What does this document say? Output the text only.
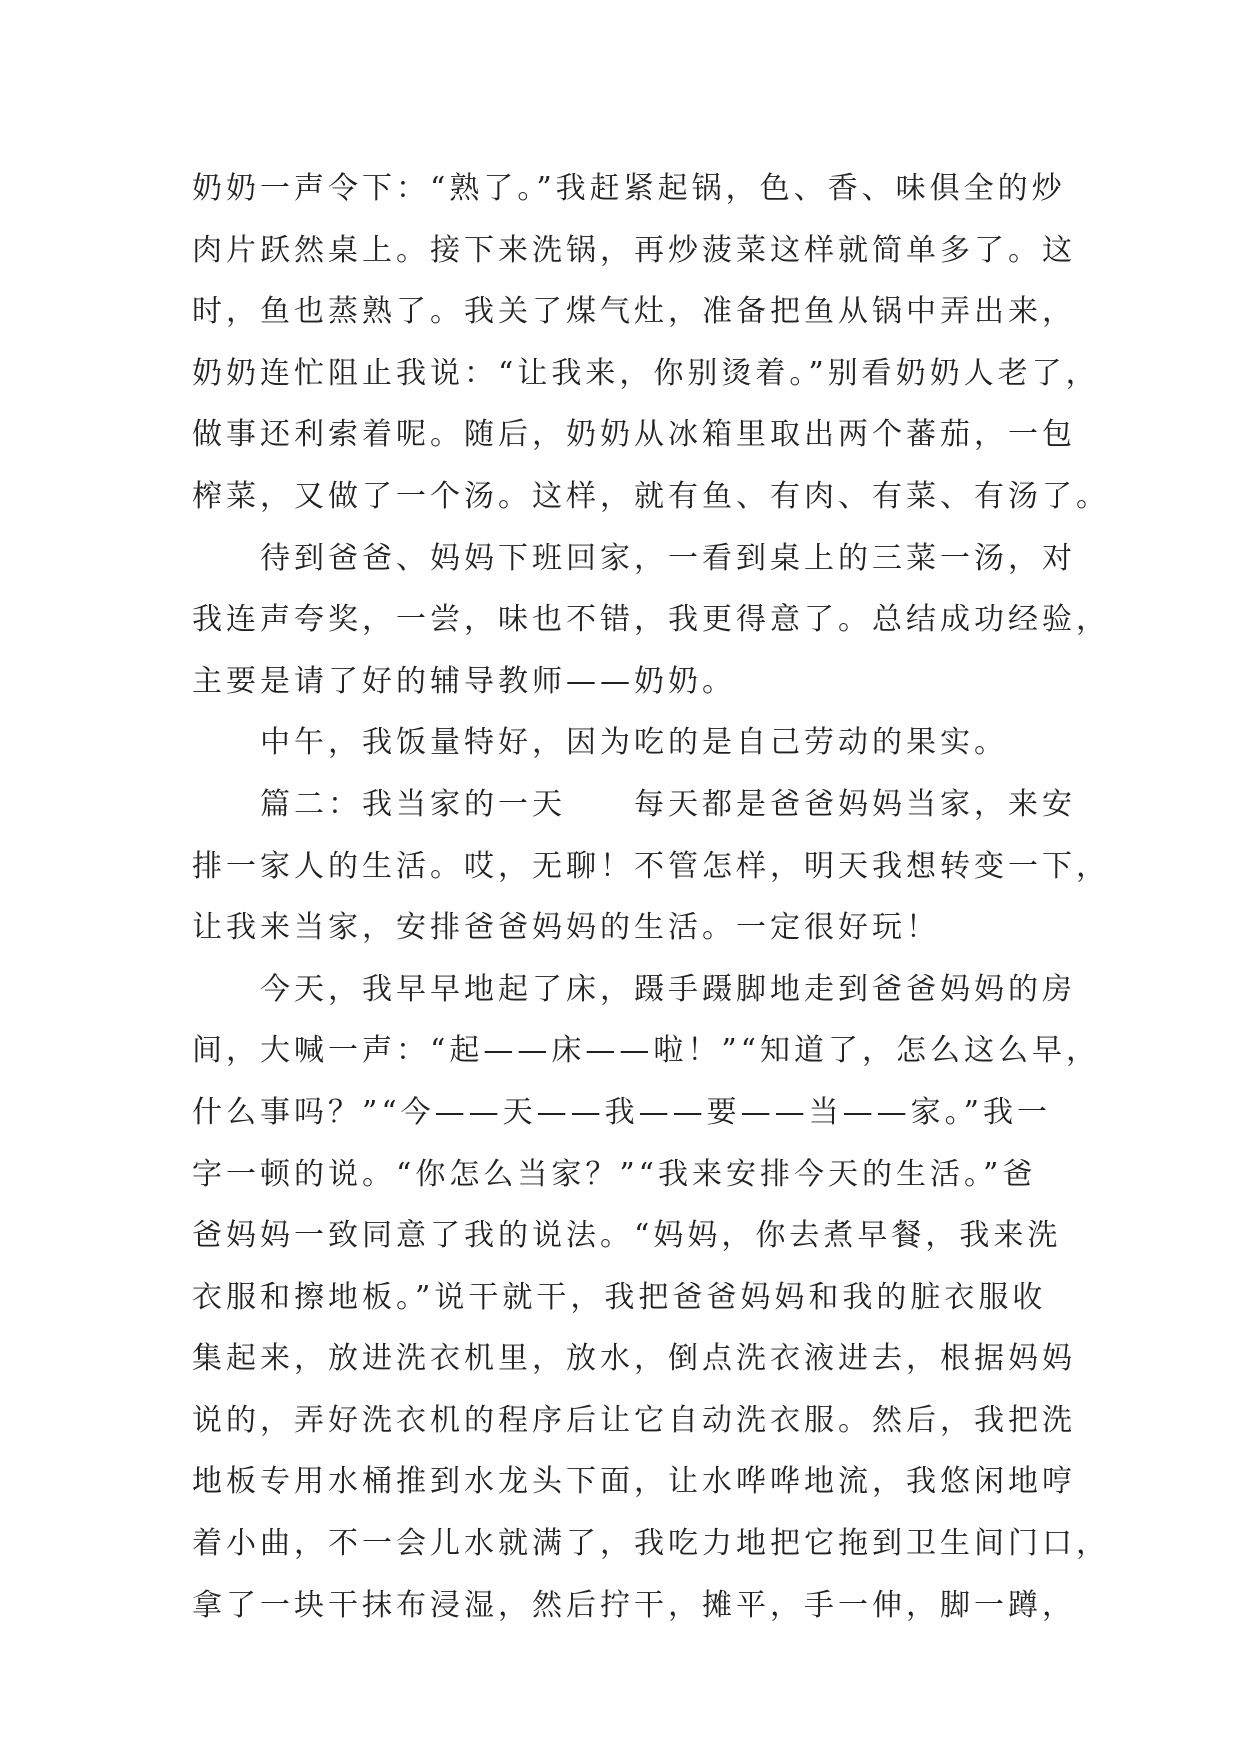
奶奶一声令下：“熟了。”我赶紧起锅，色、香、味俱全的炒
肉片跃然桌上。接下来洗锅，再炒菠菜这样就简单多了。这
时，鱼也蒸熟了。我关了煤气灶，准备把鱼从锅中弄出来，
奶奶连忙阻止我说：“让我来，你别烫着。”别看奶奶人老了，
做事还利索着呢。随后，奶奶从冰箱里取出两个蕃茄，一包
榨菜，又做了一个汤。这样，就有鱼、有肉、有菜、有汤了。
待到爸爸、妈妈下班回家，一看到桌上的三菜一汤，对
我连声夸奖，一尝，味也不错，我更得意了。总结成功经验，
主要是请了好的辅导教师——奶奶。
中午，我饭量特好，因为吃的是自己劳动的果实。
篇二：我当家的一天　　每天都是爸爸妈妈当家，来安
排一家人的生活。哎，无聊！不管怎样，明天我想转变一下，
让我来当家，安排爸爸妈妈的生活。一定很好玩！
今天，我早早地起了床，蹑手蹑脚地走到爸爸妈妈的房
间，大喊一声：“起——床——啦！”“知道了，怎么这么早，
什么事吗？”“今——天——我——要——当——家。”我一
字一顿的说。“你怎么当家？”“我来安排今天的生活。”爸
爸妈妈一致同意了我的说法。“妈妈，你去煮早餐，我来洗
衣服和擦地板。”说干就干，我把爸爸妈妈和我的脏衣服收
集起来，放进洗衣机里，放水，倒点洗衣液进去，根据妈妈
说的，弄好洗衣机的程序后让它自动洗衣服。然后，我把洗
地板专用水桶推到水龙头下面，让水哗哗地流，我悠闲地哼
着小曲，不一会儿水就满了，我吃力地把它拖到卫生间门口，
拿了一块干抹布浸湿，然后拧干，摊平，手一伸，脚一蹲，
